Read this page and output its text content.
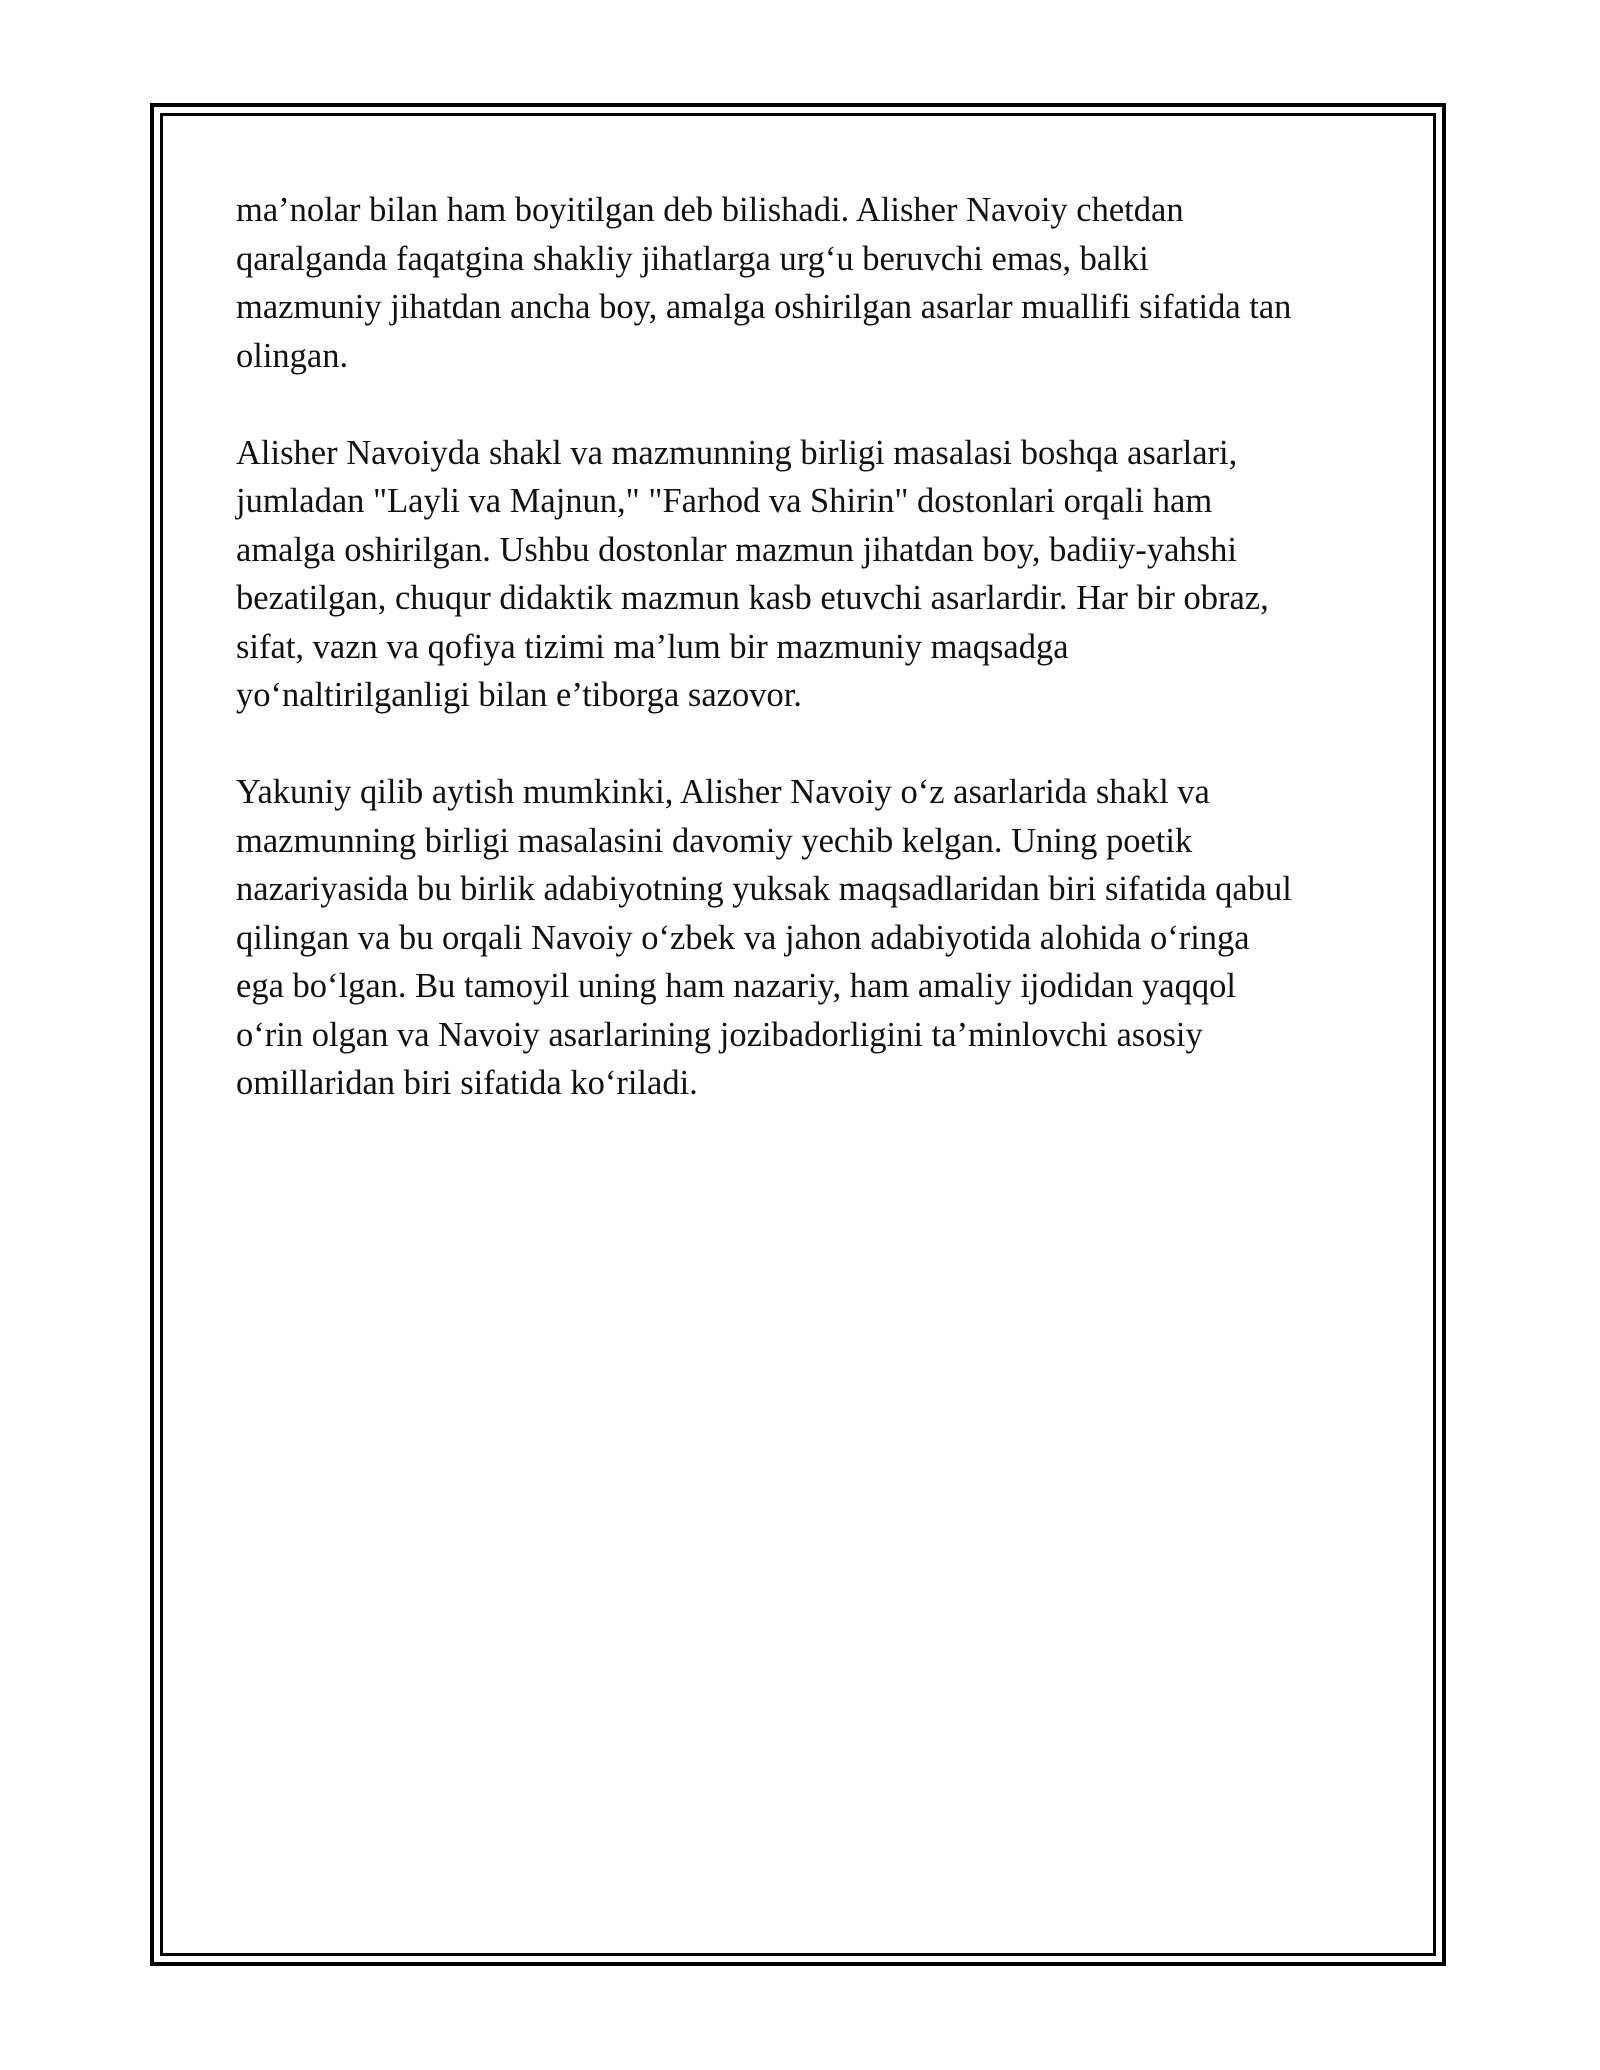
ma’nolar bilan ham boyitilgan deb bilishadi. Alisher Navoiy chetdan
qaralganda faqatgina shakliy jihatlarga urg‘u beruvchi emas, balki
mazmuniy jihatdan ancha boy, amalga oshirilgan asarlar muallifi sifatida tan
olingan.

Alisher Navoiyda shakl va mazmunning birligi masalasi boshqa asarlari,
jumladan "Layli va Majnun," "Farhod va Shirin" dostonlari orqali ham
amalga oshirilgan. Ushbu dostonlar mazmun jihatdan boy, badiiy-yahshi
bezatilgan, chuqur didaktik mazmun kasb etuvchi asarlardir. Har bir obraz,
sifat, vazn va qofiya tizimi ma’lum bir mazmuniy maqsadga
yo‘naltirilganligi bilan e’tiborga sazovor.

Yakuniy qilib aytish mumkinki, Alisher Navoiy o‘z asarlarida shakl va
mazmunning birligi masalasini davomiy yechib kelgan. Uning poetik
nazariyasida bu birlik adabiyotning yuksak maqsadlaridan biri sifatida qabul
qilingan va bu orqali Navoiy o‘zbek va jahon adabiyotida alohida o‘ringa
ega bo‘lgan. Bu tamoyil uning ham nazariy, ham amaliy ijodidan yaqqol
o‘rin olgan va Navoiy asarlarining jozibadorligini ta’minlovchi asosiy
omillaridan biri sifatida ko‘riladi.
